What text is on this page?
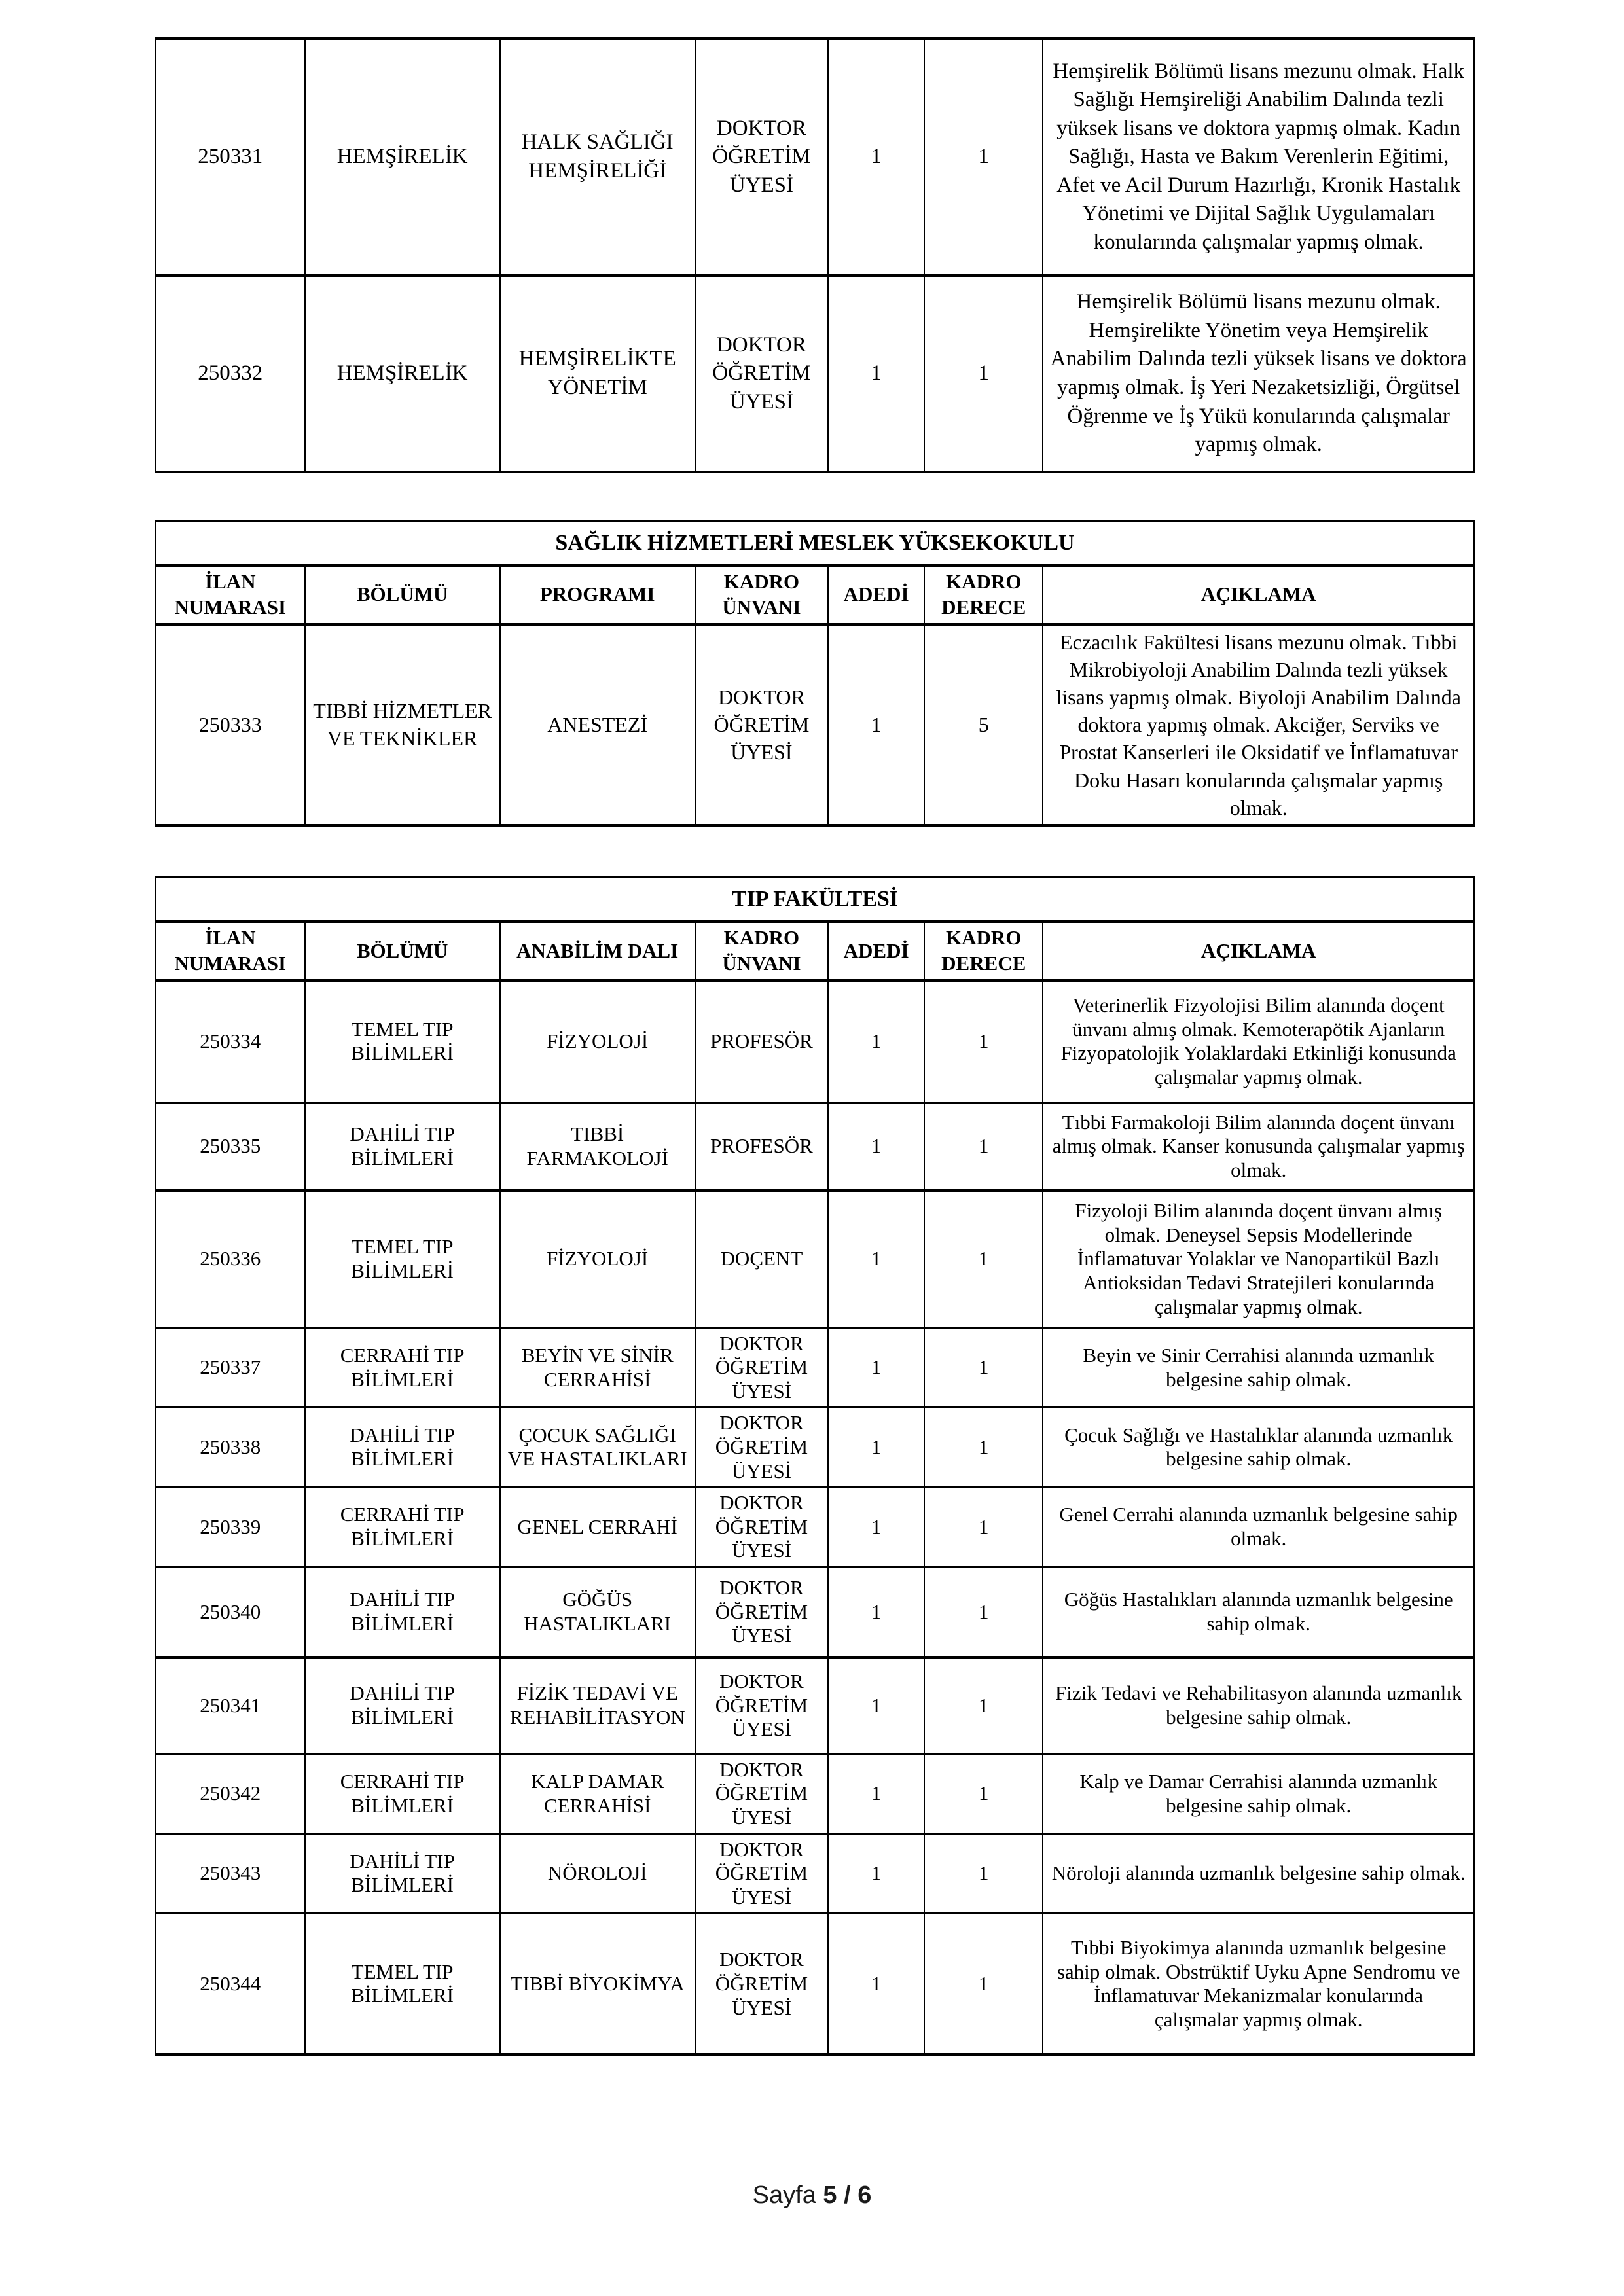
250331	HEMŞİRELİK	HALK SAĞLIĞI HEMŞİRELİĞİ	DOKTOR ÖĞRETİM ÜYESİ	1	1	Hemşirelik Bölümü lisans mezunu olmak. Halk Sağlığı Hemşireliği Anabilim Dalında tezli yüksek lisans ve doktora yapmış olmak. Kadın Sağlığı, Hasta ve Bakım Verenlerin Eğitimi, Afet ve Acil Durum Hazırlığı, Kronik Hastalık Yönetimi ve Dijital Sağlık Uygulamaları konularında çalışmalar yapmış olmak.
250332	HEMŞİRELİK	HEMŞİRELİKTE YÖNETİM	DOKTOR ÖĞRETİM ÜYESİ	1	1	Hemşirelik Bölümü lisans mezunu olmak. Hemşirelikte Yönetim veya Hemşirelik Anabilim Dalında tezli yüksek lisans ve doktora yapmış olmak. İş Yeri Nezaketsizliği, Örgütsel Öğrenme ve İş Yükü konularında çalışmalar yapmış olmak.
SAĞLIK HİZMETLERİ MESLEK YÜKSEKOKULU						
İLAN NUMARASI	BÖLÜMÜ	PROGRAMI	KADRO ÜNVANI	ADEDİ	KADRO DERECE	AÇIKLAMA
250333	TIBBİ HİZMETLER VE TEKNİKLER	ANESTEZİ	DOKTOR ÖĞRETİM ÜYESİ	1	5	Eczacılık Fakültesi lisans mezunu olmak. Tıbbi Mikrobiyoloji Anabilim Dalında tezli yüksek lisans yapmış olmak. Biyoloji Anabilim Dalında doktora yapmış olmak. Akciğer, Serviks ve Prostat Kanserleri ile Oksidatif ve İnflamatuvar Doku Hasarı konularında çalışmalar yapmış olmak.
TIP FAKÜLTESİ						
İLAN NUMARASI	BÖLÜMÜ	ANABİLİM DALI	KADRO ÜNVANI	ADEDİ	KADRO DERECE	AÇIKLAMA
250334	TEMEL TIP BİLİMLERİ	FİZYOLOJİ	PROFESÖR	1	1	Veterinerlik Fizyolojisi Bilim alanında doçent ünvanı almış olmak. Kemoterapötik Ajanların Fizyopatolojik Yolaklardaki Etkinliği konusunda çalışmalar yapmış olmak.
250335	DAHİLİ TIP BİLİMLERİ	TIBBİ FARMAKOLOJİ	PROFESÖR	1	1	Tıbbi Farmakoloji Bilim alanında doçent ünvanı almış olmak. Kanser konusunda çalışmalar yapmış olmak.
250336	TEMEL TIP BİLİMLERİ	FİZYOLOJİ	DOÇENT	1	1	Fizyoloji Bilim alanında doçent ünvanı almış olmak. Deneysel Sepsis Modellerinde İnflamatuvar Yolaklar ve Nanopartikül Bazlı Antioksidan Tedavi Stratejileri konularında çalışmalar yapmış olmak.
250337	CERRAHİ TIP BİLİMLERİ	BEYİN VE SİNİR CERRAHİSİ	DOKTOR ÖĞRETİM ÜYESİ	1	1	Beyin ve Sinir Cerrahisi alanında uzmanlık belgesine sahip olmak.
250338	DAHİLİ TIP BİLİMLERİ	ÇOCUK SAĞLIĞI VE HASTALIKLARI	DOKTOR ÖĞRETİM ÜYESİ	1	1	Çocuk Sağlığı ve Hastalıklar alanında uzmanlık belgesine sahip olmak.
250339	CERRAHİ TIP BİLİMLERİ	GENEL CERRAHİ	DOKTOR ÖĞRETİM ÜYESİ	1	1	Genel Cerrahi alanında uzmanlık belgesine sahip olmak.
250340	DAHİLİ TIP BİLİMLERİ	GÖĞÜS HASTALIKLARI	DOKTOR ÖĞRETİM ÜYESİ	1	1	Göğüs Hastalıkları alanında uzmanlık belgesine sahip olmak.
250341	DAHİLİ TIP BİLİMLERİ	FİZİK TEDAVİ VE REHABİLİTASYON	DOKTOR ÖĞRETİM ÜYESİ	1	1	Fizik Tedavi ve Rehabilitasyon alanında uzmanlık belgesine sahip olmak.
250342	CERRAHİ TIP BİLİMLERİ	KALP DAMAR CERRAHİSİ	DOKTOR ÖĞRETİM ÜYESİ	1	1	Kalp ve Damar Cerrahisi alanında uzmanlık belgesine sahip olmak.
250343	DAHİLİ TIP BİLİMLERİ	NÖROLOJİ	DOKTOR ÖĞRETİM ÜYESİ	1	1	Nöroloji alanında uzmanlık belgesine sahip olmak.
250344	TEMEL TIP BİLİMLERİ	TIBBİ BİYOKİMYA	DOKTOR ÖĞRETİM ÜYESİ	1	1	Tıbbi Biyokimya alanında uzmanlık belgesine sahip olmak. Obstrüktif Uyku Apne Sendromu ve İnflamatuvar Mekanizmalar konularında çalışmalar yapmış olmak.
Sayfa 5 / 6
